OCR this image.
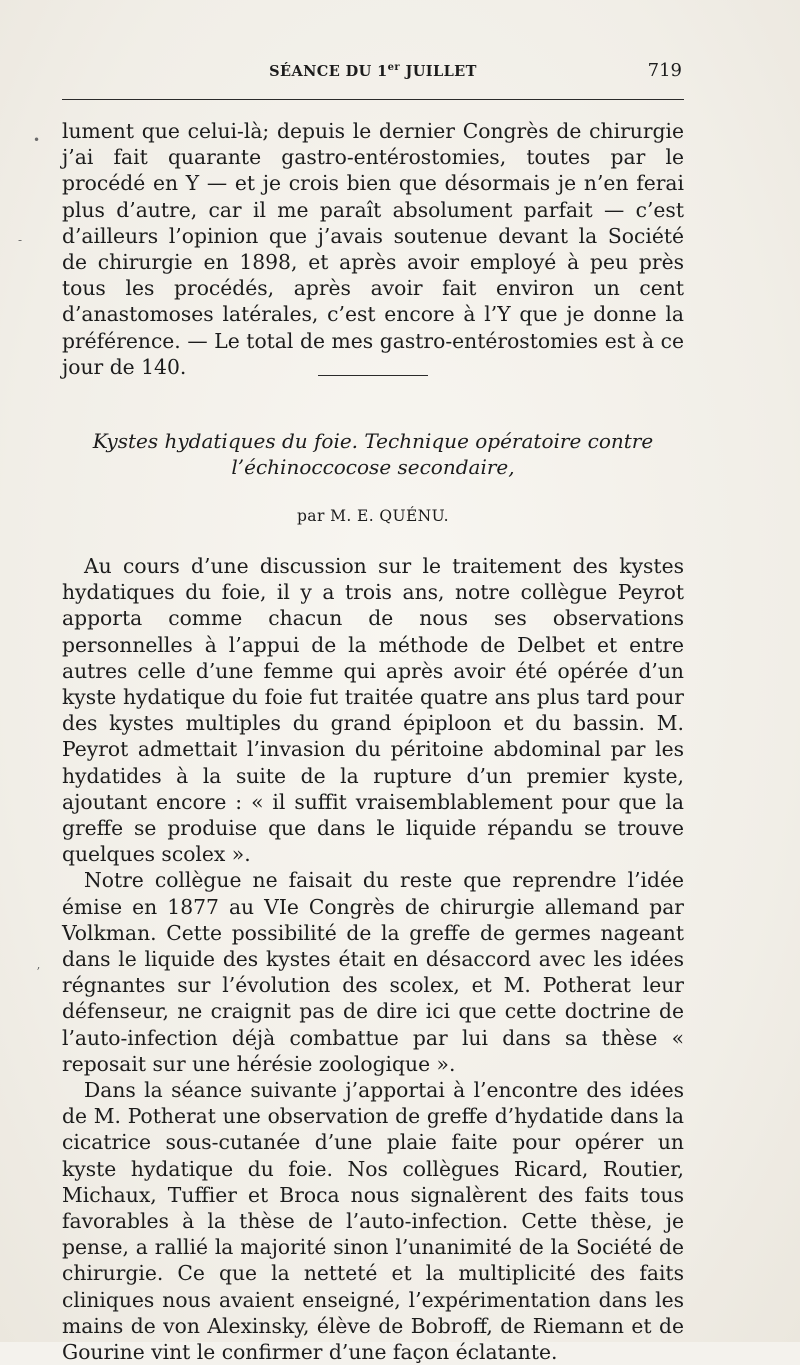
•
-
ʼ
SÉANCE DU 1er JUILLET	719

lument que celui-là; depuis le dernier Congrès de chirurgie j’ai fait quarante gastro-entérostomies, toutes par le procédé en Y — et je crois bien que désormais je n’en ferai plus d’autre, car il me paraît absolument parfait — c’est d’ailleurs l’opinion que j’avais soutenue devant la Société de chirurgie en 1898, et après avoir employé à peu près tous les procédés, après avoir fait environ un cent d’anastomoses latérales, c’est encore à l’Y que je donne la préférence. — Le total de mes gastro-entérostomies est à ce jour de 140.

Kystes hydatiques du foie. Technique opératoire contre
l’échinoccocose secondaire,
par M. E. QUÉNU.

Au cours d’une discussion sur le traitement des kystes hydatiques du foie, il y a trois ans, notre collègue Peyrot apporta comme chacun de nous ses observations personnelles à l’appui de la méthode de Delbet et entre autres celle d’une femme qui après avoir été opérée d’un kyste hydatique du foie fut traitée quatre ans plus tard pour des kystes multiples du grand épiploon et du bassin. M. Peyrot admettait l’invasion du péritoine abdominal par les hydatides à la suite de la rupture d’un premier kyste, ajoutant encore : « il suffit vraisemblablement pour que la greffe se produise que dans le liquide répandu se trouve quelques scolex ».

Notre collègue ne faisait du reste que reprendre l’idée émise en 1877 au VIe Congrès de chirurgie allemand par Volkman. Cette possibilité de la greffe de germes nageant dans le liquide des kystes était en désaccord avec les idées régnantes sur l’évolution des scolex, et M. Potherat leur défenseur, ne craignit pas de dire ici que cette doctrine de l’auto-infection déjà combattue par lui dans sa thèse « reposait sur une hérésie zoologique ».

Dans la séance suivante j’apportai à l’encontre des idées de M. Potherat une observation de greffe d’hydatide dans la cicatrice sous-cutanée d’une plaie faite pour opérer un kyste hydatique du foie. Nos collègues Ricard, Routier, Michaux, Tuffier et Broca nous signalèrent des faits tous favorables à la thèse de l’auto-infection. Cette thèse, je pense, a rallié la majorité sinon l’unanimité de la Société de chirurgie. Ce que la netteté et la multiplicité des faits cliniques nous avaient enseigné, l’expérimentation dans les mains de von Alexinsky, élève de Bobroff, de Riemann et de Gourine vint le confirmer d’une façon éclatante.
